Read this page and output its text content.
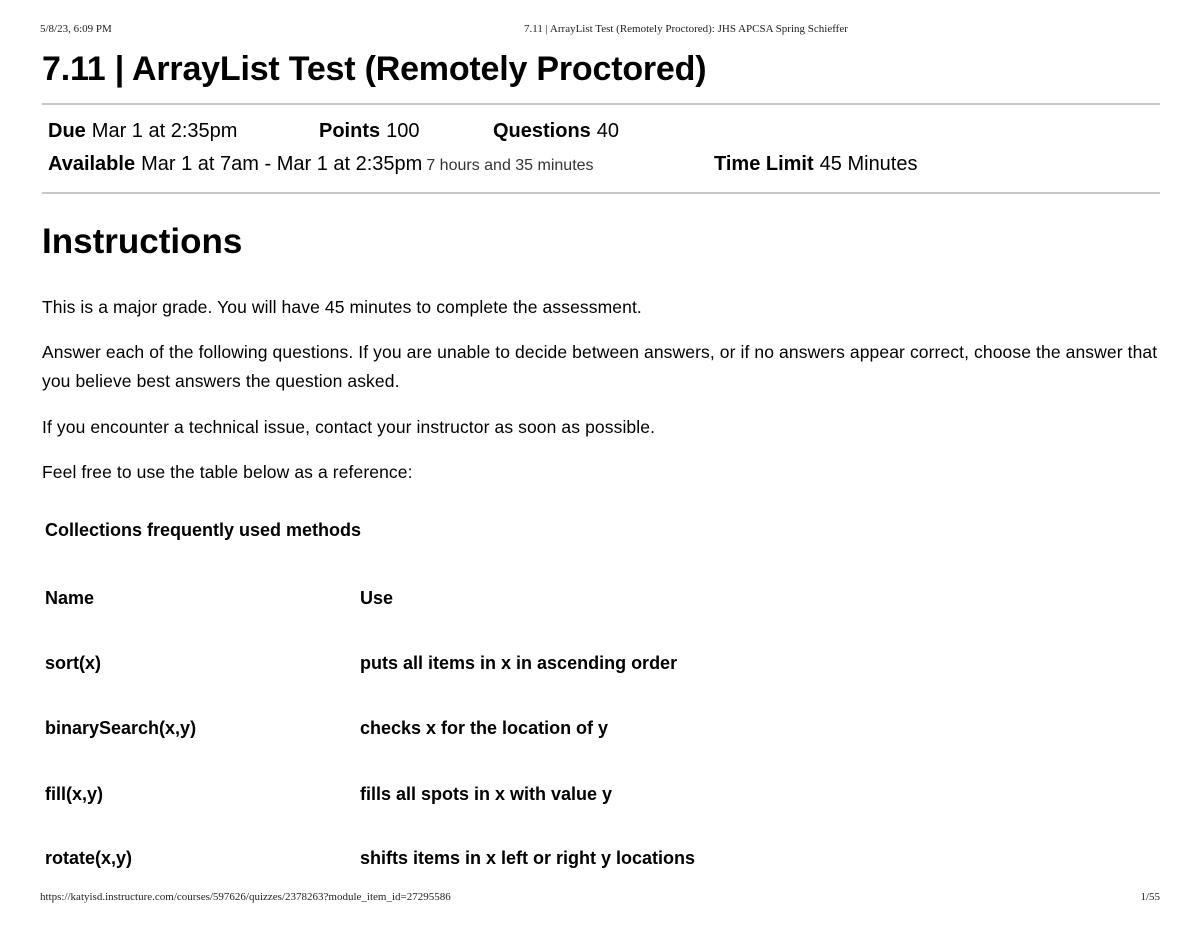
5/8/23, 6:09 PM	7.11 | ArrayList Test (Remotely Proctored): JHS APCSA Spring Schieffer
7.11 | ArrayList Test (Remotely Proctored)
Due Mar 1 at 2:35pm	Points 100	Questions 40
Available Mar 1 at 7am - Mar 1 at 2:35pm 7 hours and 35 minutes	Time Limit 45 Minutes
Instructions

This is a major grade. You will have 45 minutes to complete the assessment.

Answer each of the following questions. If you are unable to decide between answers, or if no answers appear correct, choose the answer that you believe best answers the question asked.

If you encounter a technical issue, contact your instructor as soon as possible.

Feel free to use the table below as a reference:

Collections frequently used methods
Name	Use
sort(x)	puts all items in x in ascending order
binarySearch(x,y)	checks x for the location of y
fill(x,y)	fills all spots in x with value y
rotate(x,y)	shifts items in x left or right y locations
https://katyisd.instructure.com/courses/597626/quizzes/2378263?module_item_id=27295586	1/55
